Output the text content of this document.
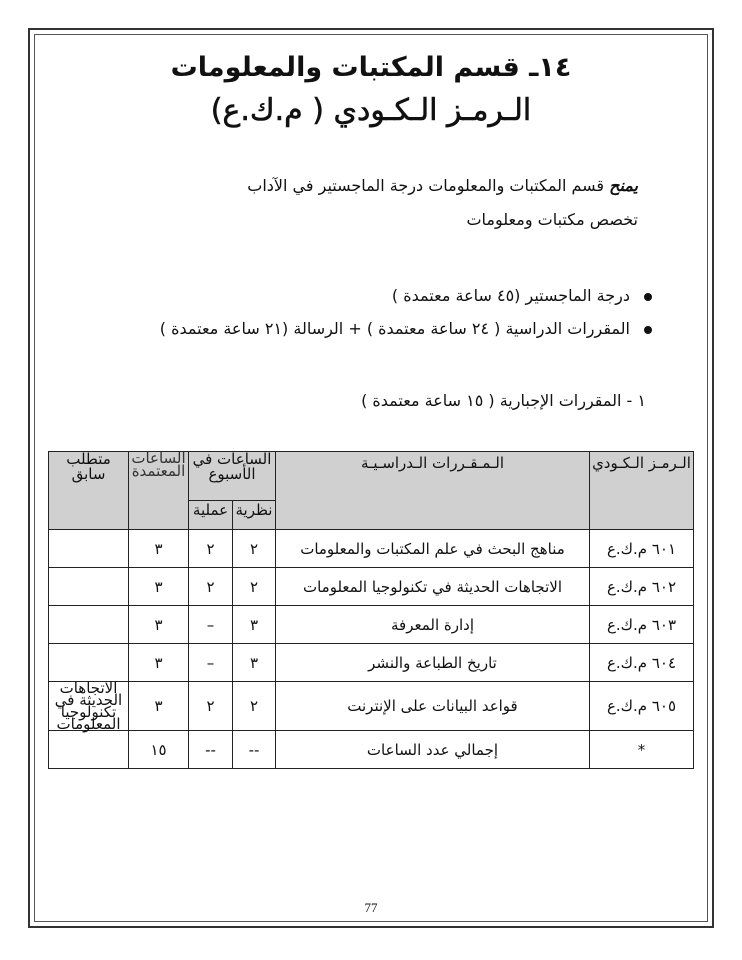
١٤ـ قسم المكتبات والمعلومات
الـرمـز الـكـودي ( م.ك.ع)
يمنح قسم المكتبات والمعلومات درجة الماجستير في الآداب
تخصص مكتبات ومعلومات
درجة الماجستير (٤٥ ساعة معتمدة )
المقررات الدراسية ( ٢٤ ساعة معتمدة ) + الرسالة (٢١ ساعة معتمدة )
١ - المقررات الإجبارية ( ١٥ ساعة معتمدة )
الـرمـز الـكـودي	الـمـقـررات الـدراسـيـة	الساعات في الأسبوع		الساعات المعتمدة	متطلب سابق
		نظرية	عملية		
٦٠١ م.ك.ع	مناهج البحث في علم المكتبات والمعلومات	٢	٢	٣	
٦٠٢ م.ك.ع	الاتجاهات الحديثة في تكنولوجيا المعلومات	٢	٢	٣	
٦٠٣ م.ك.ع	إدارة المعرفة	٣	–	٣	
٦٠٤ م.ك.ع	تاريخ الطباعة والنشر	٣	–	٣	
٦٠٥ م.ك.ع	قواعد البيانات على الإنترنت	٢	٢	٣	الاتجاهات الحديثة في تكنولوجيا المعلومات
*	إجمالي عدد الساعات	--	--	١٥	
77
